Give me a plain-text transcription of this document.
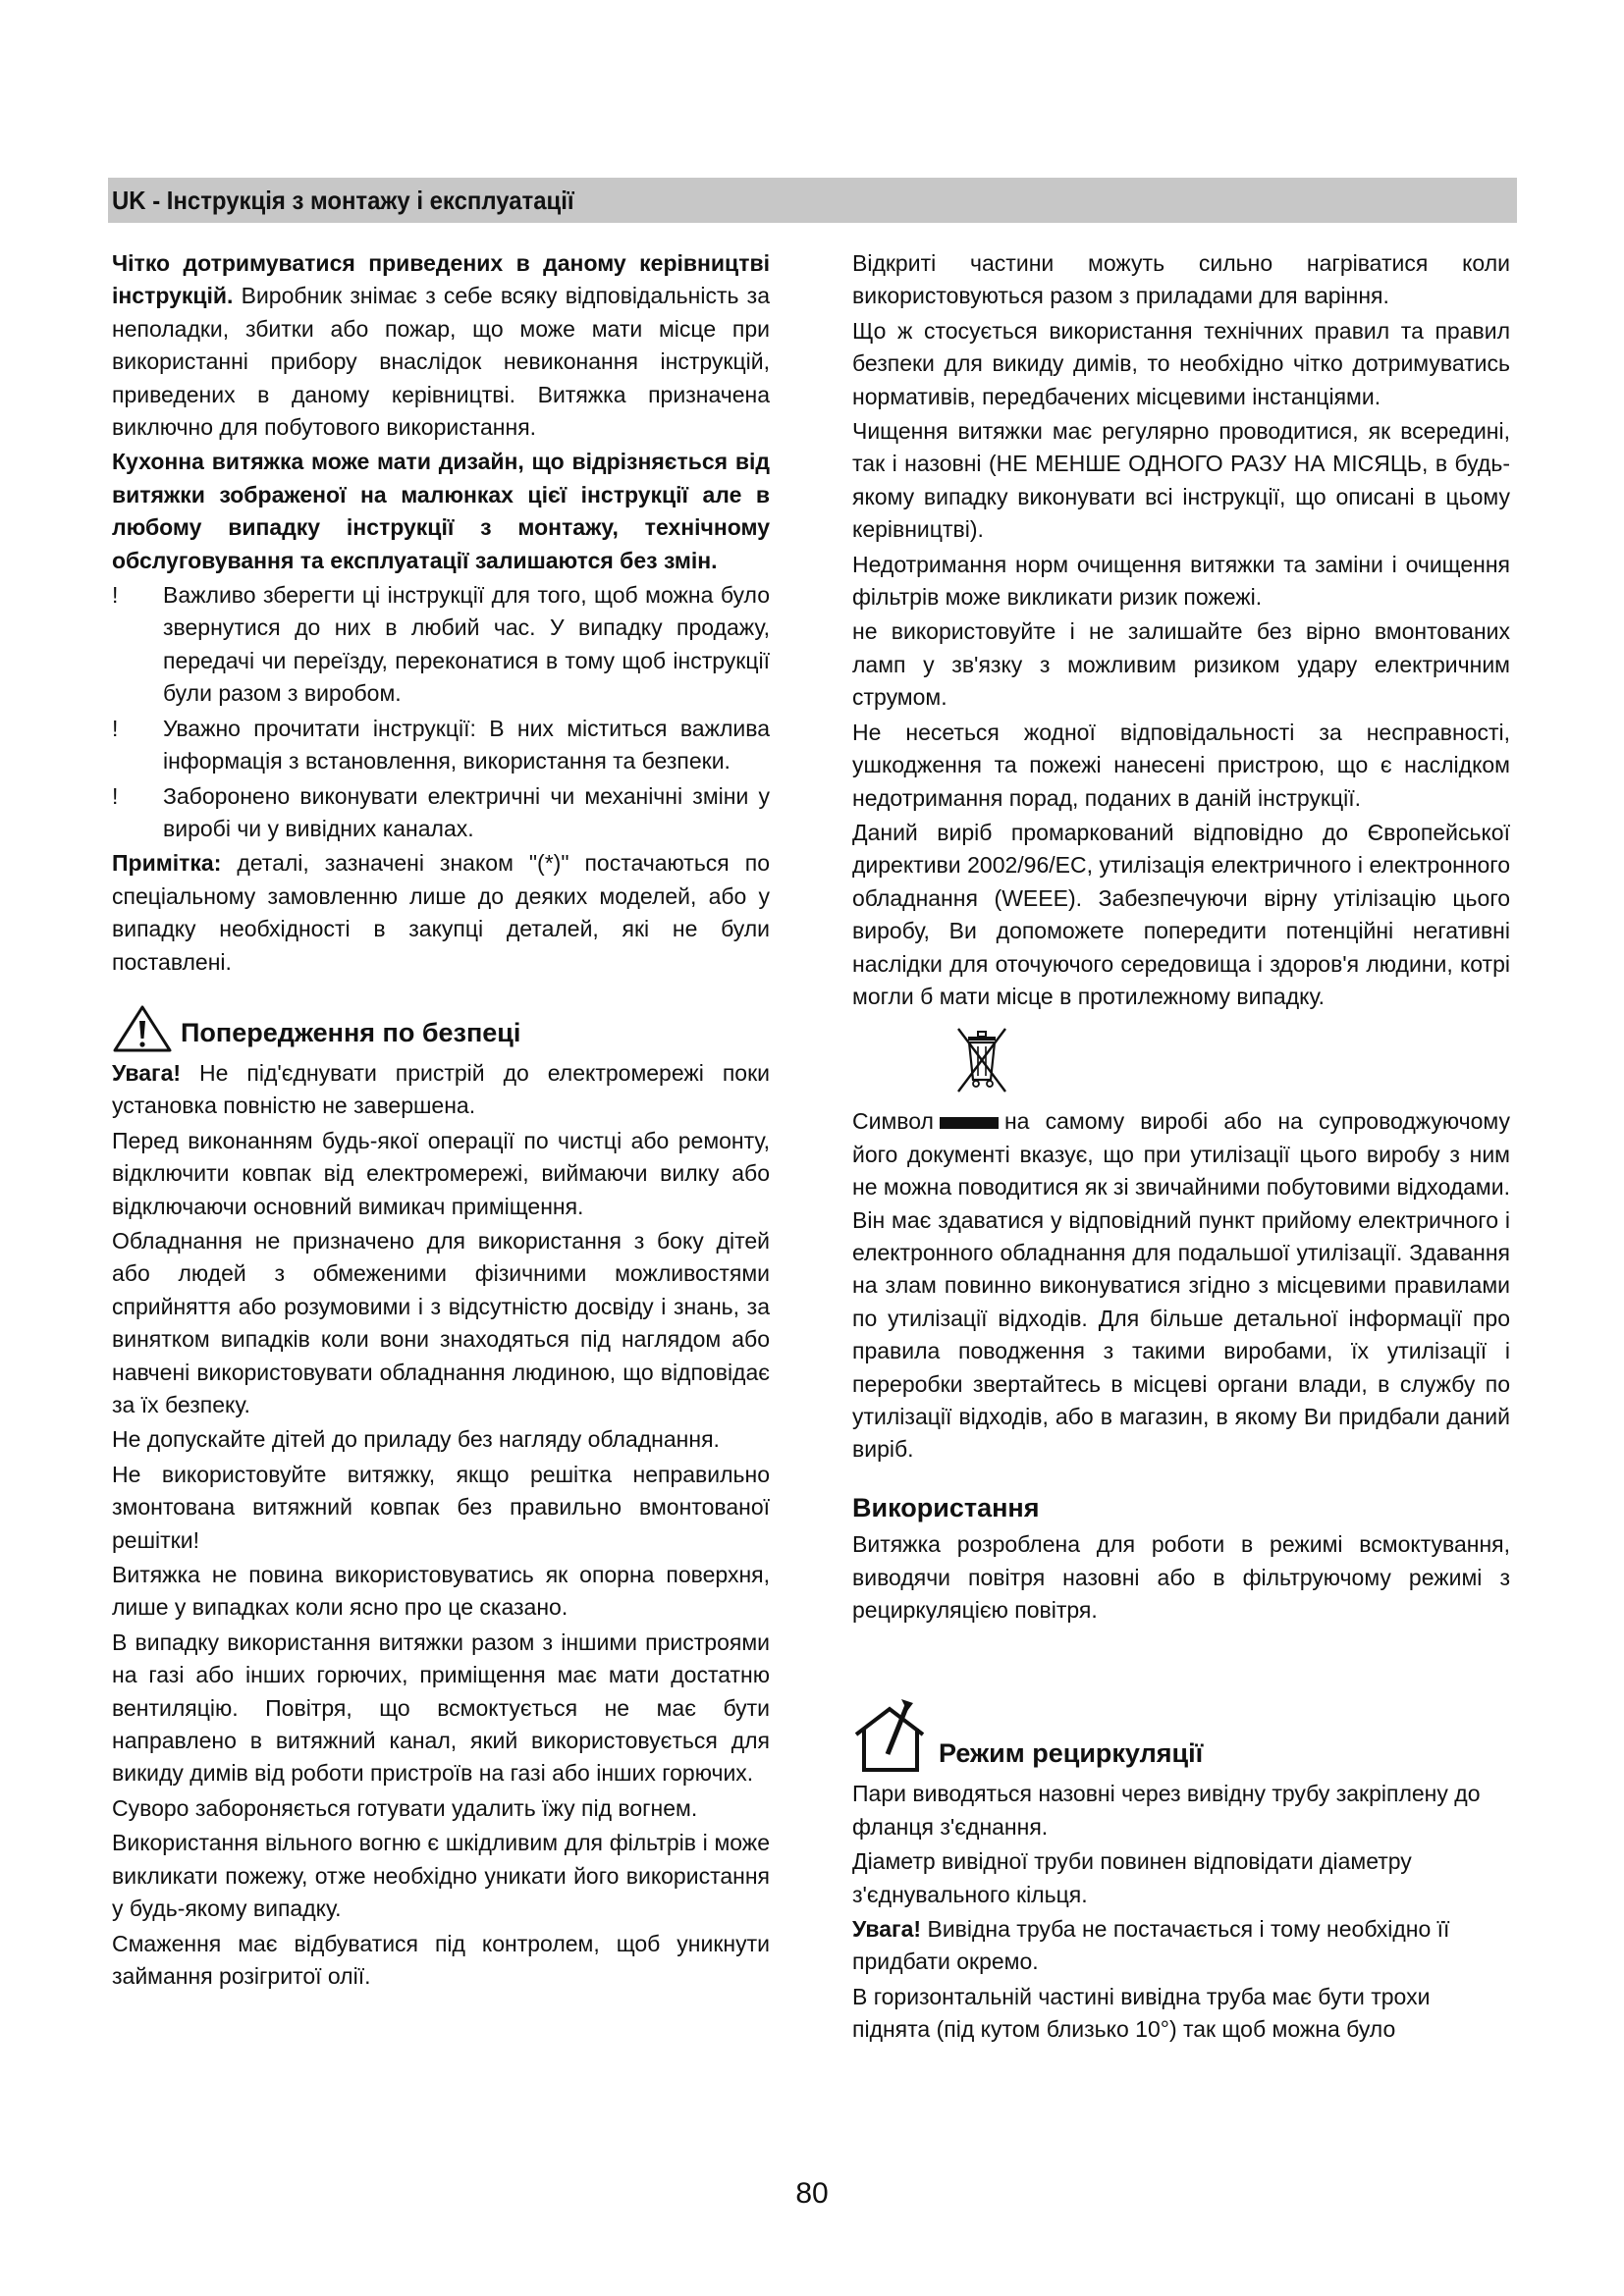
UK - Інструкція з монтажу і експлуатації

Чітко дотримуватися приведених в даному керівництві інструкцій. Виробник знімає з себе всяку відповідальність за неполадки, збитки або пожар, що може мати місце при використанні прибору внаслідок невиконання інструкцій, приведених в даному керівництві. Витяжка призначена виключно для побутового використання.

Кухонна витяжка може мати дизайн, що відрізняється від витяжки зображеної на малюнках цієї інструкції але в любому випадку інструкції з монтажу, технічному обслуговування та експлуатації залишаются без змін.

!	Важливо зберегти ці інструкції для того, щоб можна було звернутися до них в любий час. У випадку продажу, передачі чи переїзду, переконатися в тому щоб інструкції були разом з виробом.
!	Уважно прочитати інструкції: В них міститься важлива інформація з встановлення, використання та безпеки.
!	Заборонено виконувати електричні чи механічні зміни у виробі чи у вивідних каналах.

Примітка: деталі, зазначені знаком "(*)" постачаються по спеціальному замовленню лише до деяких моделей, або у випадку необхідності в закупці деталей, які не були поставлені.

Попередження по безпеці

Увага! Не під'єднувати пристрій до електромережі поки установка повністю не завершена.

Перед виконанням будь-якої операції по чистці або ремонту, відключити ковпак від електромережі, виймаючи вилку або відключаючи основний вимикач приміщення.

Обладнання не призначено для використання з боку дітей або людей з обмеженими фізичними можливостями сприйняття або розумовими і з відсутністю досвіду і знань, за винятком випадків коли вони знаходяться під наглядом або навчені використовувати обладнання людиною, що відповідає за їх безпеку.

Не допускайте дітей до приладу без нагляду обладнання.

Не використовуйте витяжку, якщо решітка неправильно змонтована витяжний ковпак без правильно вмонтованої решітки!

Витяжка не повина використовуватись як опорна поверхня, лише у випадках коли ясно про це сказано.

В випадку використання витяжки разом з іншими пристроями на газі або інших горючих, приміщення має мати достатню вентиляцію. Повітря, що всмоктується не має бути направлено в витяжний канал, який використовується для викиду димів від роботи пристроїв на газі або інших горючих.

Суворо забороняється готувати удалить їжу під вогнем.

Використання вільного вогню є шкідливим для фільтрів і може викликати пожежу, отже необхідно уникати його використання у будь-якому випадку.

Смаження має відбуватися під контролем, щоб уникнути займання розігритої олії.

Відкриті частини можуть сильно нагріватися коли використовуються разом з приладами для варіння.

Що ж стосується використання технічних правил та правил безпеки для викиду димів, то необхідно чітко дотримуватись нормативів, передбачених місцевими інстанціями.

Чищення витяжки має регулярно проводитися, як всередині, так і назовні (НЕ МЕНШЕ ОДНОГО РАЗУ НА МІСЯЦЬ, в будь-якому випадку виконувати всі інструкції, що описані в цьому керівництві).

Недотримання норм очищення витяжки та заміни і очищення фільтрів може викликати ризик пожежі.

не використовуйте і не залишайте без вірно вмонтованих ламп у зв'язку з можливим ризиком удару електричним струмом.

Не несеться жодної відповідальності за несправності, ушкодження та пожежі нанесені пристрою, що є наслідком недотримання порад, поданих в даній інструкції.

Даний виріб промаркований відповідно до Європейської директиви 2002/96/EC, утилізація електричного і електронного обладнання (WEEE). Забезпечуючи вірну утілізацію цього виробу, Ви допоможете попередити потенційні негативні наслідки для оточуючого середовища і здоров'я людини, котрі могли б мати місце в протилежному випадку.

Символ	на самому виробі або на супроводжуючому його документі вказує, що при утилізації цього виробу з ним не можна поводитися як зі звичайними побутовими відходами. Він має здаватися у відповідний пункт прийому електричного і електронного обладнання для подальшої утилізації. Здавання на злам повинно виконуватися згідно з місцевими правилами по утилізації відходів. Для більше детальної інформації про правила поводження з такими виробами, їх утилізації і переробки звертайтесь в місцеві органи влади, в службу по утилізації відходів, або в магазин, в якому Ви придбали даний виріб.

Використання

Витяжка розроблена для роботи в режимі всмоктування, виводячи повітря назовні або в фільтруючому режимі з рециркуляцією повітря.

Режим рециркуляції

Пари виводяться назовні через вивідну трубу закріплену до фланця з'єднання.

Діаметр вивідної труби повинен відповідати діаметру з'єднувального кільця.

Увага! Вивідна труба не постачається і тому необхідно її придбати окремо.

В горизонтальній частині вивідна труба має бути трохи піднята (під кутом близько 10°) так щоб можна було

80
